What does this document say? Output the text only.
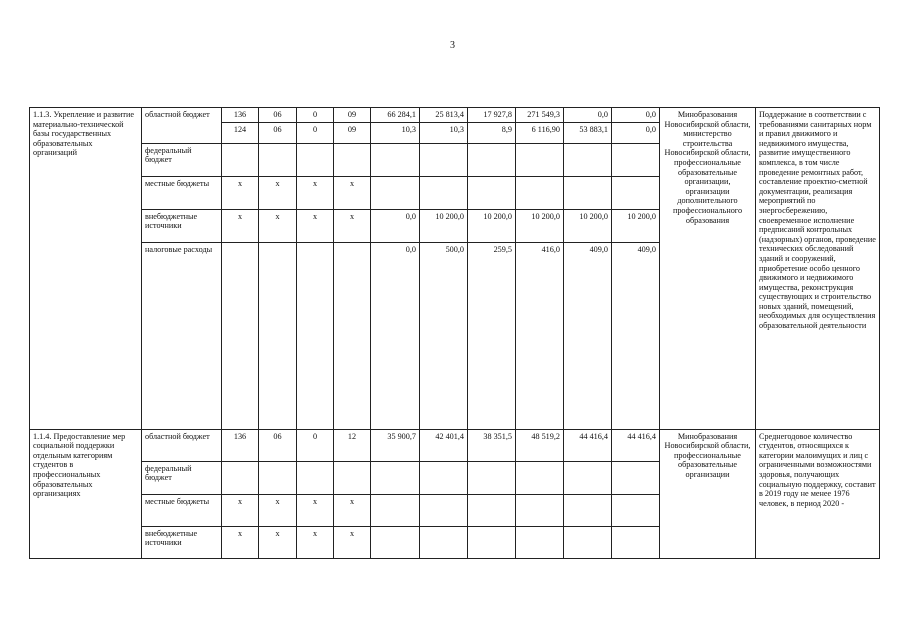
3
1.1.3. Укрепление и развитие материально-технической базы государственных образовательных организаций	областной бюджет	136	06	0	09	66 284,1	25 813,4	17 927,8	271 549,3	0,0	0,0	Минобразования Новосибирской области, министерство строительства Новосибирской области, профессиональные образовательные организации, организации дополнительного профессионального образования	Поддержание в соответствии с требованиями санитарных норм и правил движимого и недвижимого имущества, развитие имущественного комплекса, в том числе проведение ремонтных работ, составление проектно-сметной документации, реализация мероприятий по энергосбережению, своевременное исполнение предписаний контрольных (надзорных) органов, проведение технических обследований зданий и сооружений, приобретение особо ценного движимого и недвижимого имущества, реконструкция существующих и строительство новых зданий, помещений, необходимых для осуществления образовательной деятельности
		124	06	0	09	10,3	10,3	8,9	6 116,90	53 883,1	0,0		
	федеральный бюджет												
	местные бюджеты	x	x	x	x								
	внебюджетные источники	x	x	x	x	0,0	10 200,0	10 200,0	10 200,0	10 200,0	10 200,0		
	налоговые расходы					0,0	500,0	259,5	416,0	409,0	409,0		
1.1.4. Предоставление мер социальной поддержки отдельным категориям студентов в профессиональных образовательных организациях	областной бюджет	136	06	0	12	35 900,7	42 401,4	38 351,5	48 519,2	44 416,4	44 416,4	Минобразования Новосибирской области, профессиональные образовательные организации	Среднегодовое количество студентов, относящихся к категории малоимущих и лиц с ограниченными возможностями здоровья, получающих социальную поддержку, составит в 2019 году не менее 1976 человек, в период 2020 -
	федеральный бюджет												
	местные бюджеты	x	x	x	x								
	внебюджетные источники	x	x	x	x								
